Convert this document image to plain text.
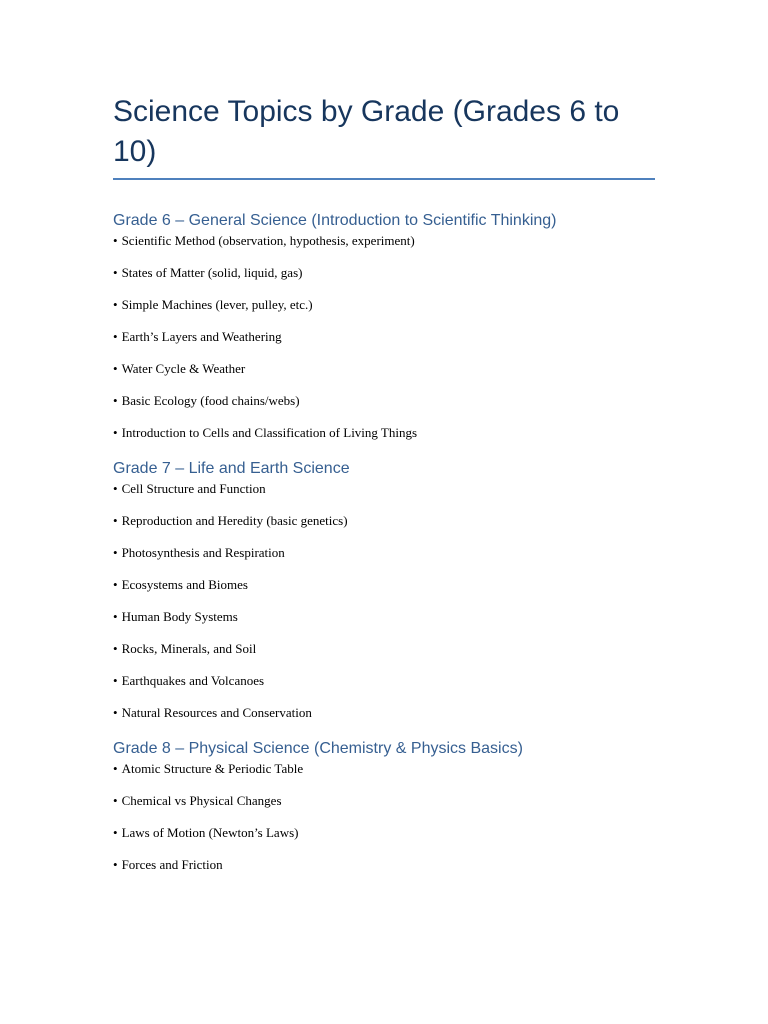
Science Topics by Grade (Grades 6 to 10)
Grade 6 – General Science (Introduction to Scientific Thinking)
• Scientific Method (observation, hypothesis, experiment)
• States of Matter (solid, liquid, gas)
• Simple Machines (lever, pulley, etc.)
• Earth’s Layers and Weathering
• Water Cycle & Weather
• Basic Ecology (food chains/webs)
• Introduction to Cells and Classification of Living Things
Grade 7 – Life and Earth Science
• Cell Structure and Function
• Reproduction and Heredity (basic genetics)
• Photosynthesis and Respiration
• Ecosystems and Biomes
• Human Body Systems
• Rocks, Minerals, and Soil
• Earthquakes and Volcanoes
• Natural Resources and Conservation
Grade 8 – Physical Science (Chemistry & Physics Basics)
• Atomic Structure & Periodic Table
• Chemical vs Physical Changes
• Laws of Motion (Newton’s Laws)
• Forces and Friction
